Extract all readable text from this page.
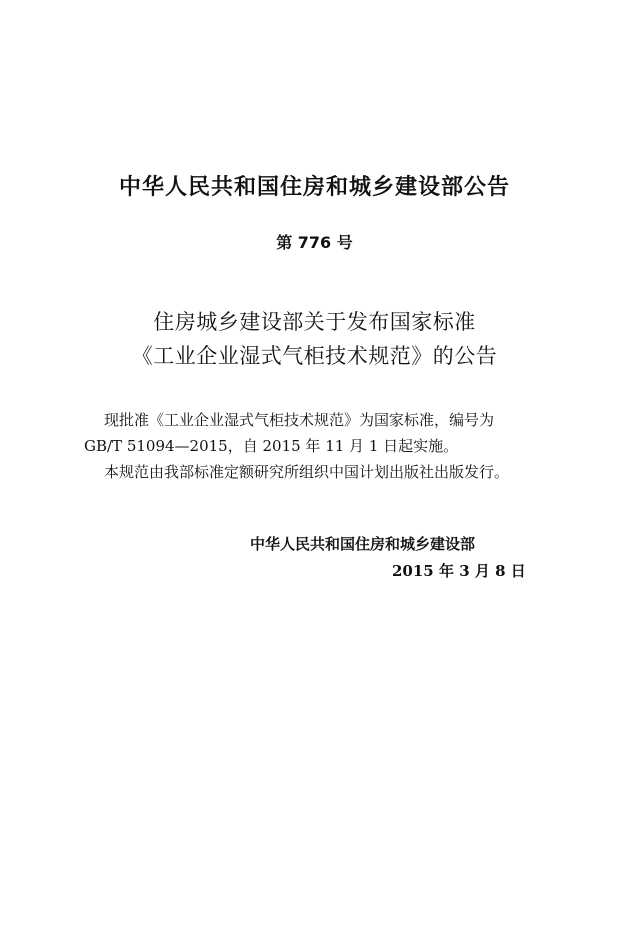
中华人民共和国住房和城乡建设部公告
第 776 号
住房城乡建设部关于发布国家标准
《工业企业湿式气柜技术规范》的公告
现批准《工业企业湿式气柜技术规范》为国家标准，编号为
GB/T 51094—2015，自 2015 年 11 月 1 日起实施。
本规范由我部标准定额研究所组织中国计划出版社出版发行。
中华人民共和国住房和城乡建设部
2015 年 3 月 8 日
